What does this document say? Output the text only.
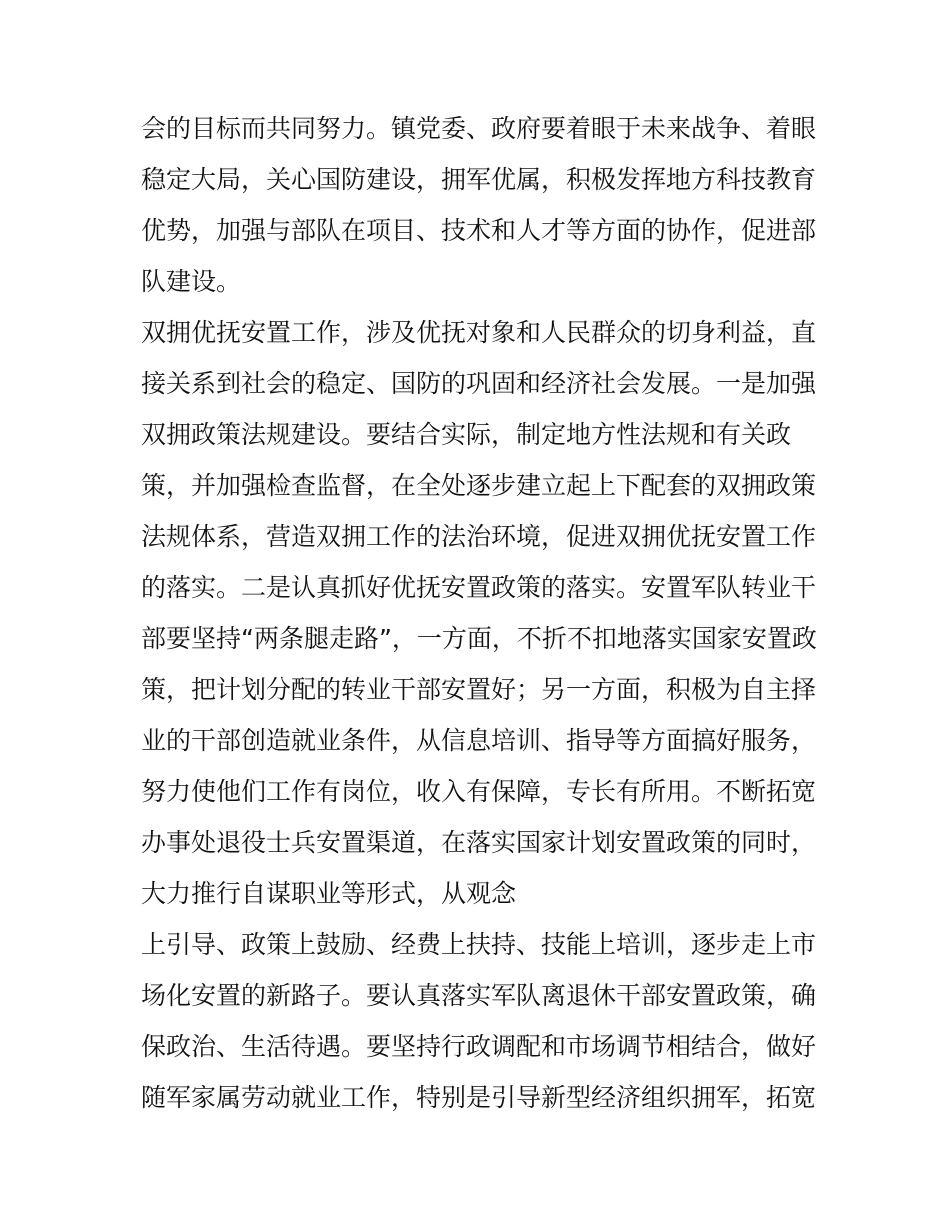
会的目标而共同努力。镇党委、政府要着眼于未来战争、着眼
稳定大局，关心国防建设，拥军优属，积极发挥地方科技教育
优势，加强与部队在项目、技术和人才等方面的协作，促进部
队建设。
双拥优抚安置工作，涉及优抚对象和人民群众的切身利益，直
接关系到社会的稳定、国防的巩固和经济社会发展。一是加强
双拥政策法规建设。要结合实际，制定地方性法规和有关政
策，并加强检查监督，在全处逐步建立起上下配套的双拥政策
法规体系，营造双拥工作的法治环境，促进双拥优抚安置工作
的落实。二是认真抓好优抚安置政策的落实。安置军队转业干
部要坚持“两条腿走路”，一方面，不折不扣地落实国家安置政
策，把计划分配的转业干部安置好；另一方面，积极为自主择
业的干部创造就业条件，从信息培训、指导等方面搞好服务，
努力使他们工作有岗位，收入有保障，专长有所用。不断拓宽
办事处退役士兵安置渠道，在落实国家计划安置政策的同时，
大力推行自谋职业等形式，从观念
上引导、政策上鼓励、经费上扶持、技能上培训，逐步走上市
场化安置的新路子。要认真落实军队离退休干部安置政策，确
保政治、生活待遇。要坚持行政调配和市场调节相结合，做好
随军家属劳动就业工作，特别是引导新型经济组织拥军，拓宽
